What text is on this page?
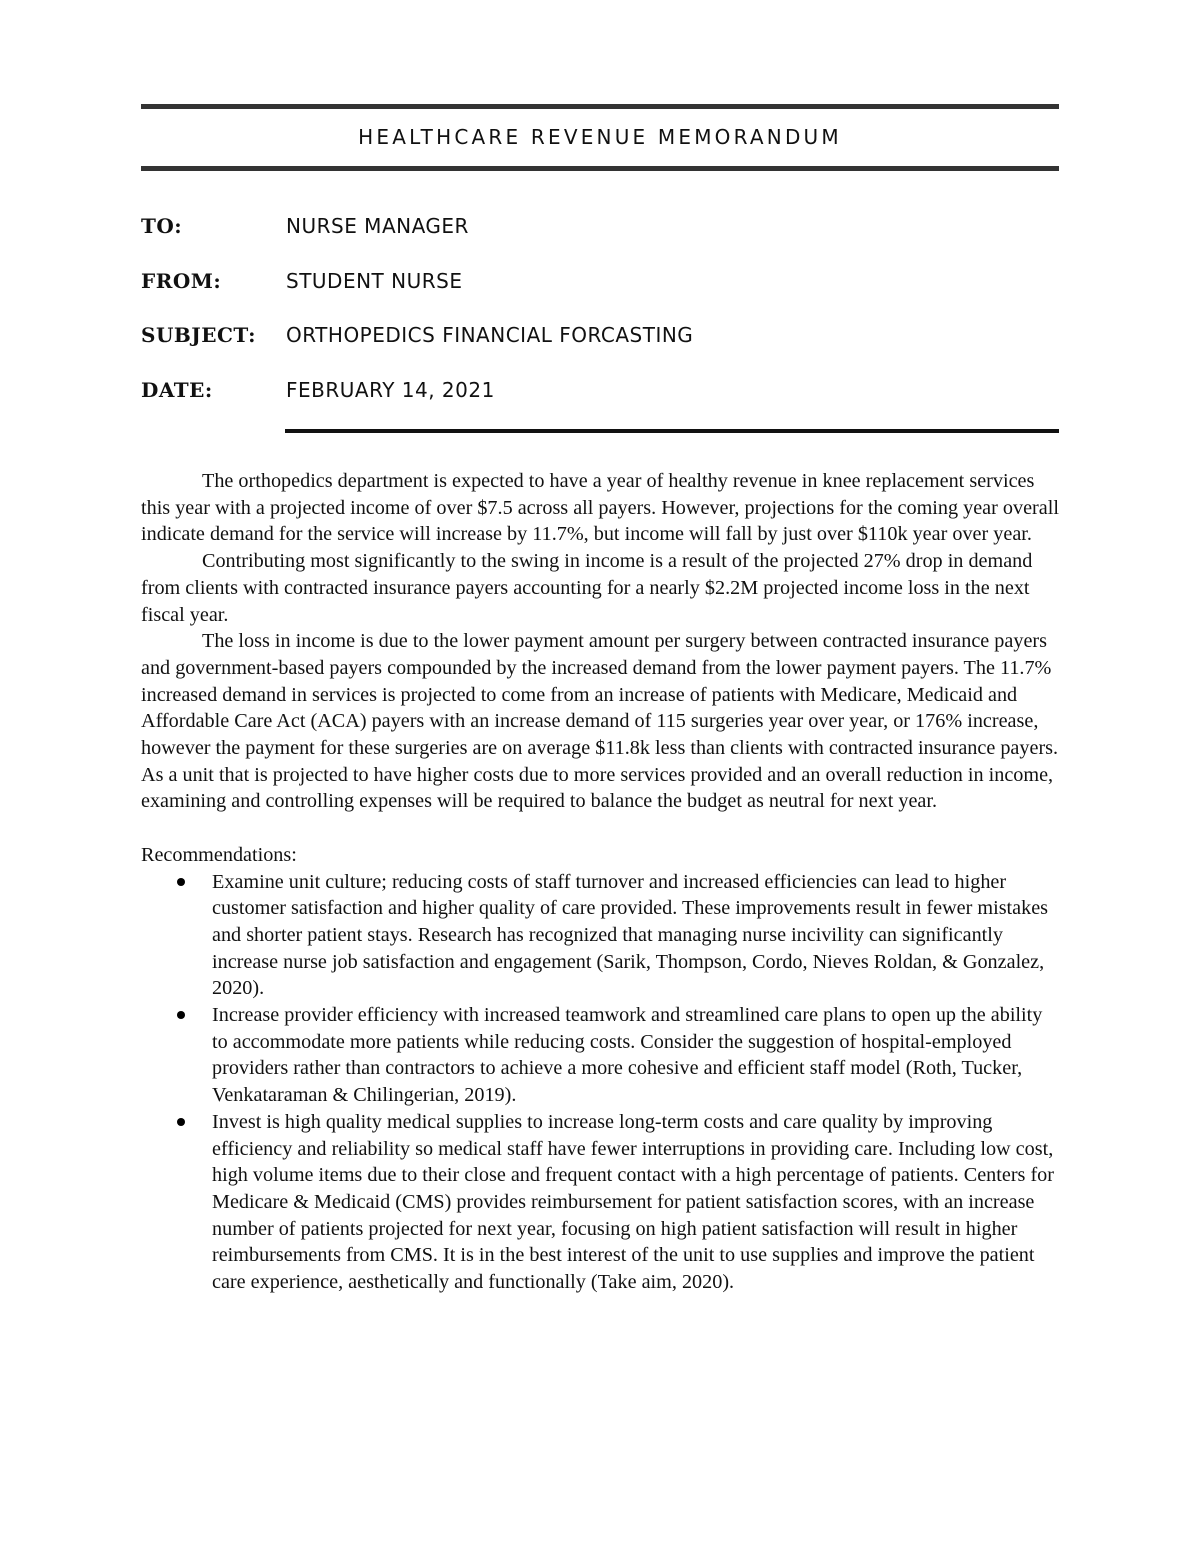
HEALTHCARE REVENUE MEMORANDUM
TO:	NURSE MANAGER
FROM:	STUDENT NURSE
SUBJECT: ORTHOPEDICS FINANCIAL FORCASTING
DATE:	FEBRUARY 14, 2021

The orthopedics department is expected to have a year of healthy revenue in knee replacement services this year with a projected income of over $7.5 across all payers. However, projections for the coming year overall indicate demand for the service will increase by 11.7%, but income will fall by just over $110k year over year.

Contributing most significantly to the swing in income is a result of the projected 27% drop in demand from clients with contracted insurance payers accounting for a nearly $2.2M projected income loss in the next fiscal year.

The loss in income is due to the lower payment amount per surgery between contracted insurance payers and government-based payers compounded by the increased demand from the lower payment payers. The 11.7% increased demand in services is projected to come from an increase of patients with Medicare, Medicaid and Affordable Care Act (ACA) payers with an increase demand of 115 surgeries year over year, or 176% increase, however the payment for these surgeries are on average $11.8k less than clients with contracted insurance payers.

As a unit that is projected to have higher costs due to more services provided and an overall reduction in income, examining and controlling expenses will be required to balance the budget as neutral for next year.

Recommendations:

Examine unit culture; reducing costs of staff turnover and increased efficiencies can lead to higher customer satisfaction and higher quality of care provided. These improvements result in fewer mistakes and shorter patient stays. Research has recognized that managing nurse incivility can significantly increase nurse job satisfaction and engagement (Sarik, Thompson, Cordo, Nieves Roldan, & Gonzalez, 2020).
Increase provider efficiency with increased teamwork and streamlined care plans to open up the ability to accommodate more patients while reducing costs. Consider the suggestion of hospital-employed providers rather than contractors to achieve a more cohesive and efficient staff model (Roth, Tucker, Venkataraman & Chilingerian, 2019).
Invest is high quality medical supplies to increase long-term costs and care quality by improving efficiency and reliability so medical staff have fewer interruptions in providing care. Including low cost, high volume items due to their close and frequent contact with a high percentage of patients. Centers for Medicare & Medicaid (CMS) provides reimbursement for patient satisfaction scores, with an increase number of patients projected for next year, focusing on high patient satisfaction will result in higher reimbursements from CMS. It is in the best interest of the unit to use supplies and improve the patient care experience, aesthetically and functionally (Take aim, 2020).
